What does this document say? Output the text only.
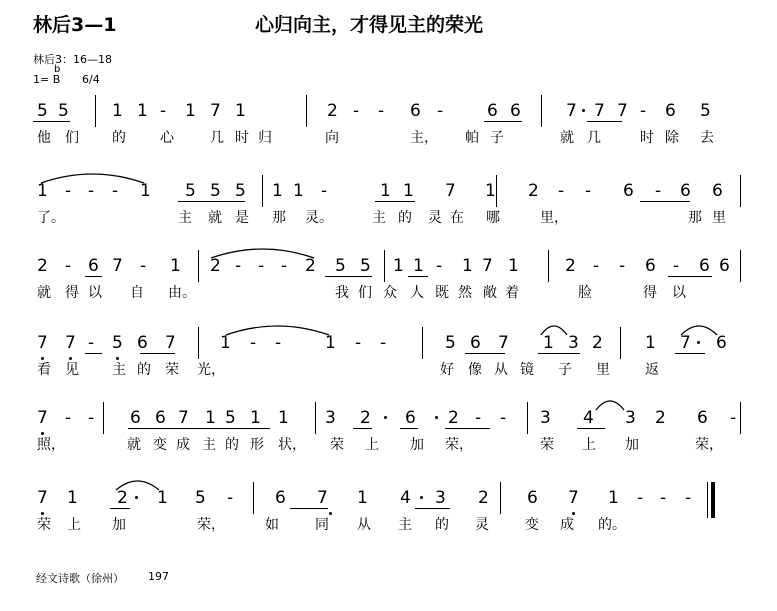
林后3—1	心归向主，才得见主的荣光
林后3：16—18
1= B
b
6/4
5 5	1 1 - 1 7 1	2 - - 6 -	6 6	7 7 7 - 6 5
他 们 的 心	几 时 归	向	主， 帕 子	就 几	时 除 去
1 - - - 1 5 5 5 1 1 -	1 1 7 1 2 - - 6 - 6 6
了。	主 就 是 那 灵。	主 的 灵 在 哪	里，	那 里
2 - 6 7 - 1 2 - - - 2 5 5 1 1 - 1 7 1	2 - - 6 - 6 6
就 得 以 自 由。	我 们 众 人 既 然 敞 着	脸	得 以
7 7 - 5 6 7	1 - -	1 - -	5 6 7 1 3 2 1 7 6
看 见 主 的 荣 光，	好 像 从 镜 子 里	返
7 - - 6 6 7 1 5 1 1 3 2 6 2 - - 3 4 3 2 6 -
照，	就 变 成 主 的 形 状， 荣 上 加 荣，	荣 上 加	荣，
7 1 2 1 5 - 6 7 1 4 3 2 6 7 1 - - -
荣 上 加	荣，	如	同 从 主 的 灵	变 成 的。
经文诗歌（徐州） 197
